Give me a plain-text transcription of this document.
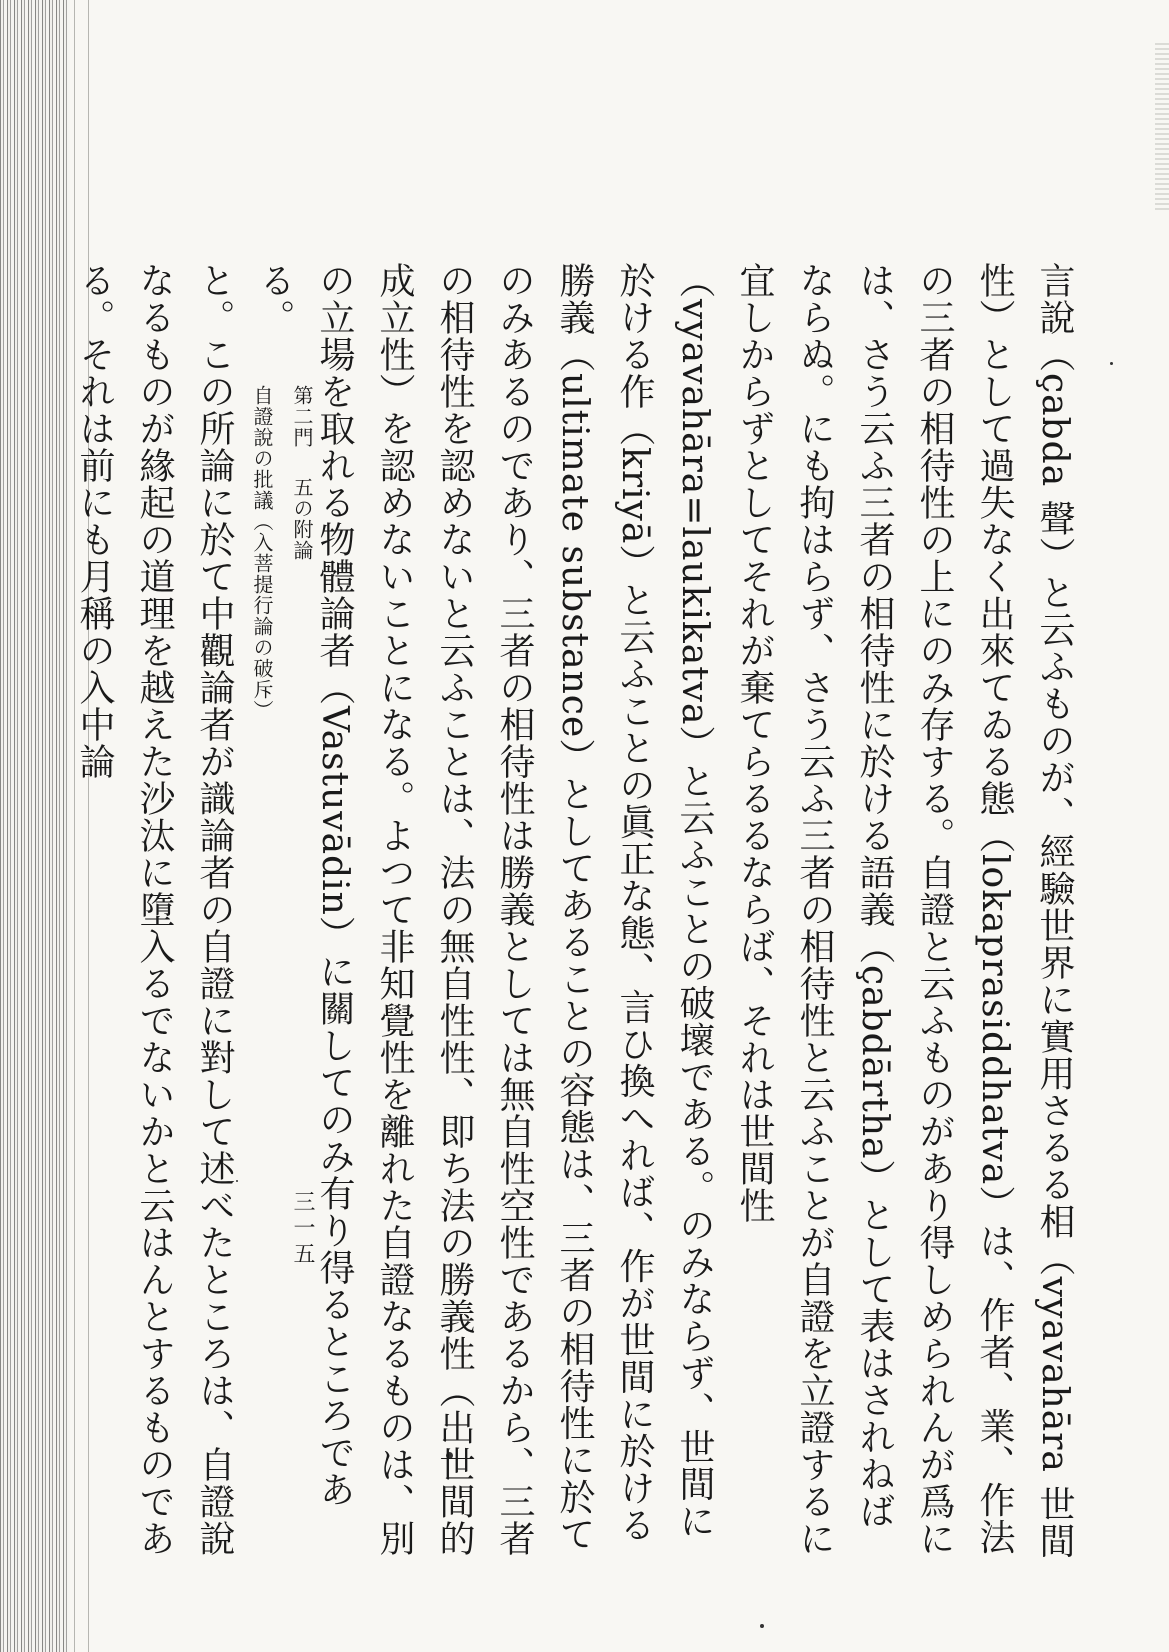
言說（çabda 聲）と云ふものが、經驗世界に實用さるる相（vyavahāra 世間性）として過失なく出來てゐる態（lokaprasiddhatva）は、作者、業、作法の三者の相待性の上にのみ存する。自證と云ふものがあり得しめられんが爲には、さう云ふ三者の相待性に於ける語義（çabdārtha）として表はされねばならぬ。にも拘はらず、さう云ふ三者の相待性と云ふことが自證を立證するに宜しからずとしてそれが棄てらるるならば、それは世間性（vyavahāra=laukikatva）と云ふことの破壞である。のみならず、世間に於ける作（kriyā）と云ふことの眞正な態、言ひ換へれば、作が世間に於ける勝義（ultimate substance）としてあることの容態は、三者の相待性に於てのみあるのであり、三者の相待性は勝義としては無自性空性であるから、三者の相待性を認めないと云ふことは、法の無自性性、即ち法の勝義性（出世間的成立性）を認めないことになる。よつて非知覺性を離れた自證なるものは、別の立場を取れる物體論者（Vastuvādin）に關してのみ有り得るところである。

と。この所論に於て中觀論者が識論者の自證に對して述べたところは、自證說なるものが緣起の道理を越えた沙汰に墮入るでないかと云はんとするものである。それは前にも月稱の入中論	第二門 五の附論 自證說の批議（入菩提行論の破斥）
三一五
